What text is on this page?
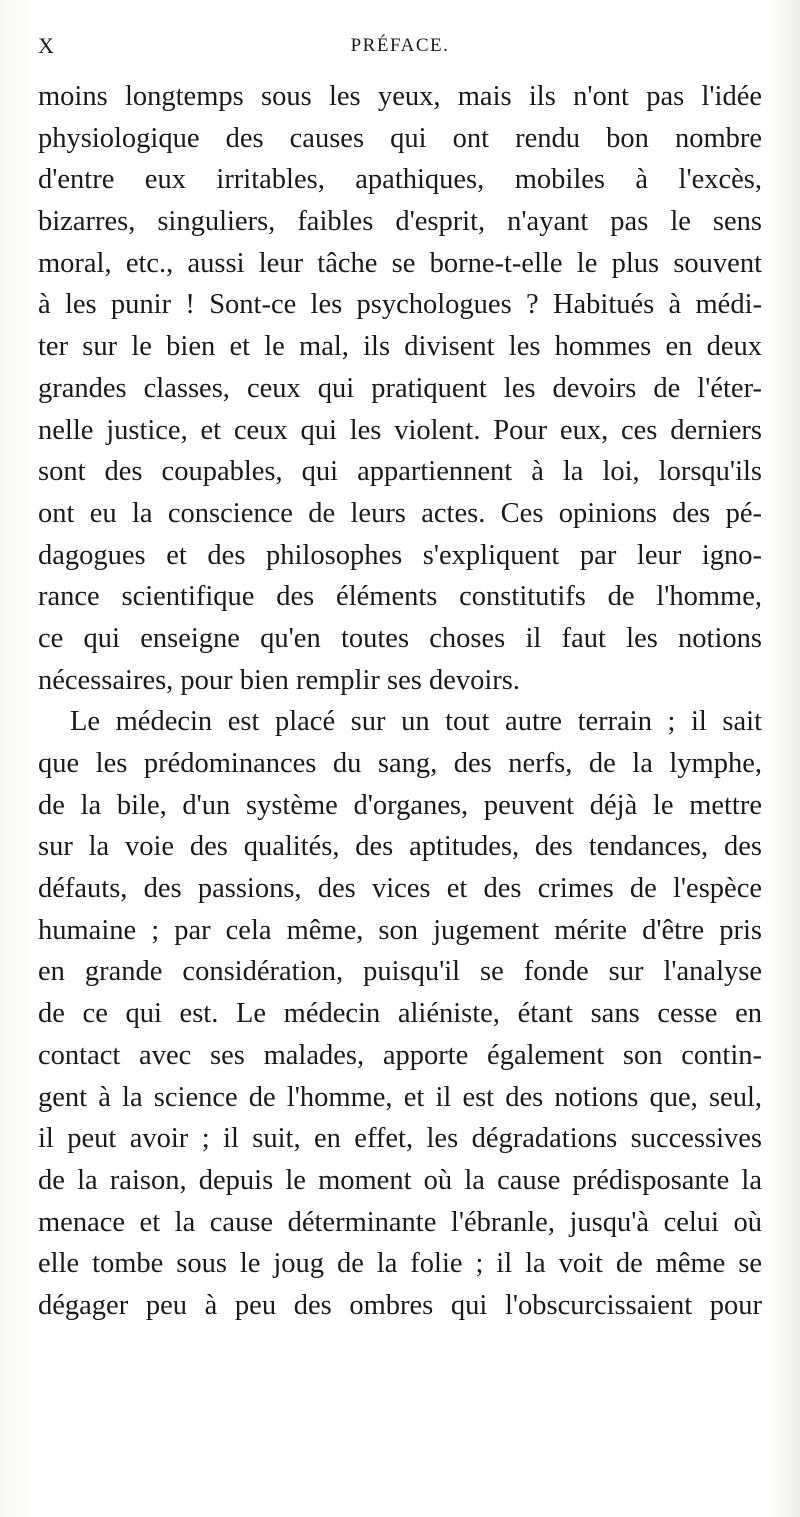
X	PRÉFACE.
moins longtemps sous les yeux, mais ils n'ont pas l'idée
physiologique des causes qui ont rendu bon nombre
d'entre eux irritables, apathiques, mobiles à l'excès,
bizarres, singuliers, faibles d'esprit, n'ayant pas le sens
moral, etc., aussi leur tâche se borne-t-elle le plus souvent
à les punir ! Sont-ce les psychologues ? Habitués à médi-
ter sur le bien et le mal, ils divisent les hommes en deux
grandes classes, ceux qui pratiquent les devoirs de l'éter-
nelle justice, et ceux qui les violent. Pour eux, ces derniers
sont des coupables, qui appartiennent à la loi, lorsqu'ils
ont eu la conscience de leurs actes. Ces opinions des pé-
dagogues et des philosophes s'expliquent par leur igno-
rance scientifique des éléments constitutifs de l'homme,
ce qui enseigne qu'en toutes choses il faut les notions
nécessaires, pour bien remplir ses devoirs.
Le médecin est placé sur un tout autre terrain ; il sait
que les prédominances du sang, des nerfs, de la lymphe,
de la bile, d'un système d'organes, peuvent déjà le mettre
sur la voie des qualités, des aptitudes, des tendances, des
défauts, des passions, des vices et des crimes de l'espèce
humaine ; par cela même, son jugement mérite d'être pris
en grande considération, puisqu'il se fonde sur l'analyse
de ce qui est. Le médecin aliéniste, étant sans cesse en
contact avec ses malades, apporte également son contin-
gent à la science de l'homme, et il est des notions que, seul,
il peut avoir ; il suit, en effet, les dégradations successives
de la raison, depuis le moment où la cause prédisposante la
menace et la cause déterminante l'ébranle, jusqu'à celui où
elle tombe sous le joug de la folie ; il la voit de même se
dégager peu à peu des ombres qui l'obscurcissaient pour
